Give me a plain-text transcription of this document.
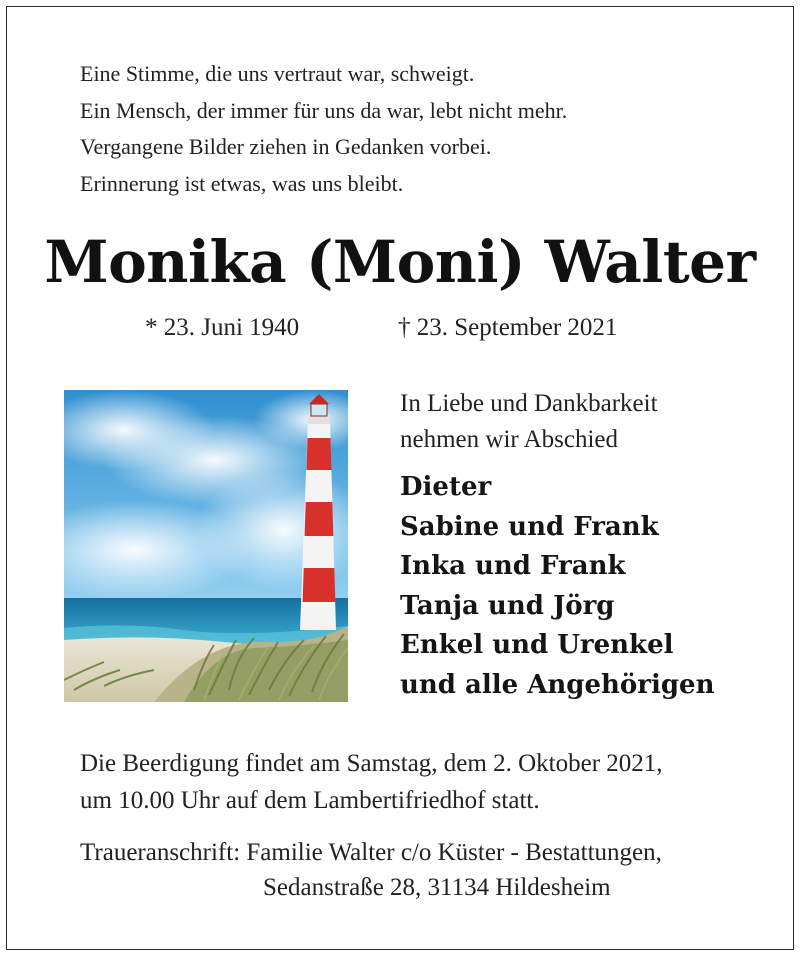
Eine Stimme, die uns vertraut war, schweigt.
Ein Mensch, der immer für uns da war, lebt nicht mehr.
Vergangene Bilder ziehen in Gedanken vorbei.
Erinnerung ist etwas, was uns bleibt.
Monika (Moni) Walter
* 23. Juni 1940	† 23. September 2021
In Liebe und Dankbarkeit
nehmen wir Abschied
Dieter
Sabine und Frank
Inka und Frank
Tanja und Jörg
Enkel und Urenkel
und alle Angehörigen
Die Beerdigung findet am Samstag, dem 2. Oktober 2021,
um 10.00 Uhr auf dem Lambertifriedhof statt.
Traueranschrift: Familie Walter c/o Küster - Bestattungen,
Sedanstraße 28, 31134 Hildesheim
